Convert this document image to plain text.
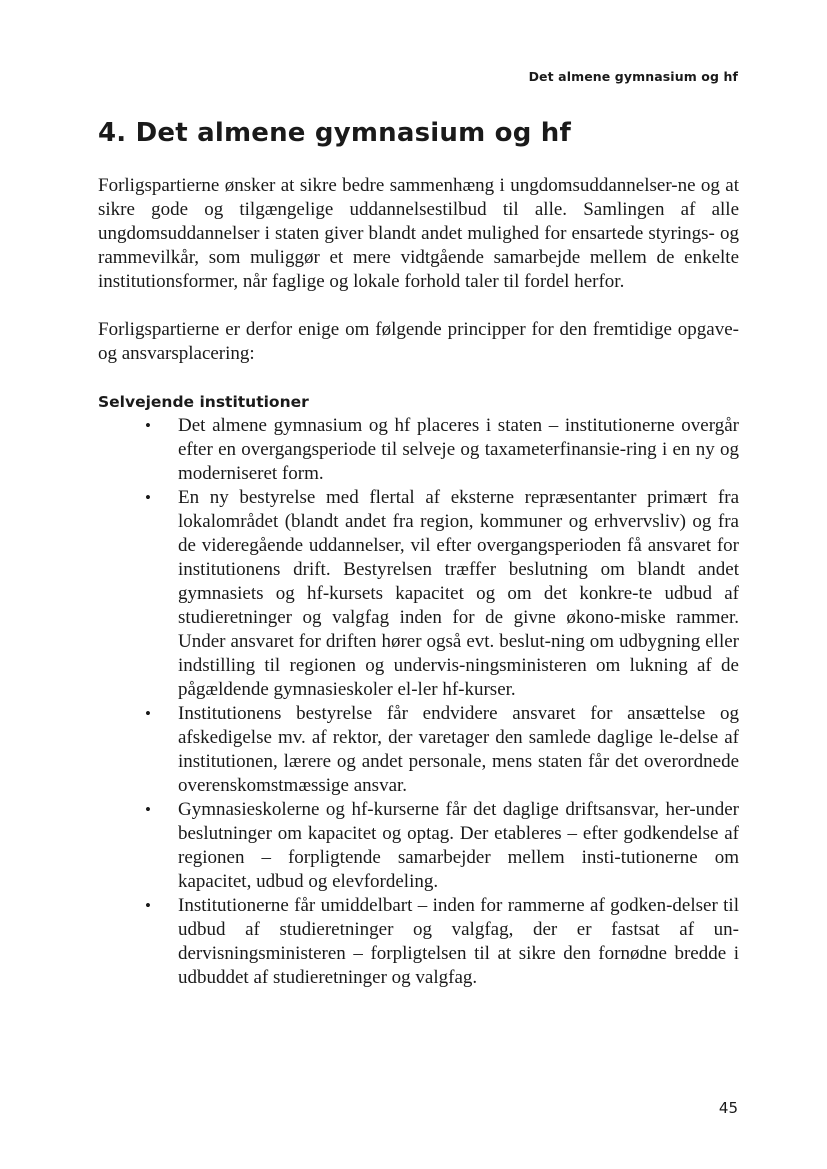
Det almene gymnasium og hf
4. Det almene gymnasium og hf

Forligspartierne ønsker at sikre bedre sammenhæng i ungdomsuddannelser-ne og at sikre gode og tilgængelige uddannelsestilbud til alle. Samlingen af alle ungdomsuddannelser i staten giver blandt andet mulighed for ensartede styrings- og rammevilkår, som muliggør et mere vidtgående samarbejde mellem de enkelte institutionsformer, når faglige og lokale forhold taler til fordel herfor.

Forligspartierne er derfor enige om følgende principper for den fremtidige opgave- og ansvarsplacering:

Selvejende institutioner
• Det almene gymnasium og hf placeres i staten – institutionerne overgår efter en overgangsperiode til selveje og taxameterfinansie-ring i en ny og moderniseret form.
• En ny bestyrelse med flertal af eksterne repræsentanter primært fra lokalområdet (blandt andet fra region, kommuner og erhvervsliv) og fra de videregående uddannelser, vil efter overgangsperioden få ansvaret for institutionens drift. Bestyrelsen træffer beslutning om blandt andet gymnasiets og hf-kursets kapacitet og om det konkre-te udbud af studieretninger og valgfag inden for de givne økono-miske rammer. Under ansvaret for driften hører også evt. beslut-ning om udbygning eller indstilling til regionen og undervis-ningsministeren om lukning af de pågældende gymnasieskoler el-ler hf-kurser.
• Institutionens bestyrelse får endvidere ansvaret for ansættelse og afskedigelse mv. af rektor, der varetager den samlede daglige le-delse af institutionen, lærere og andet personale, mens staten får det overordnede overenskomstmæssige ansvar.
• Gymnasieskolerne og hf-kurserne får det daglige driftsansvar, her-under beslutninger om kapacitet og optag. Der etableres – efter godkendelse af regionen – forpligtende samarbejder mellem insti-tutionerne om kapacitet, udbud og elevfordeling.
• Institutionerne får umiddelbart – inden for rammerne af godken-delser til udbud af studieretninger og valgfag, der er fastsat af un-dervisningsministeren – forpligtelsen til at sikre den fornødne bredde i udbuddet af studieretninger og valgfag.
45
